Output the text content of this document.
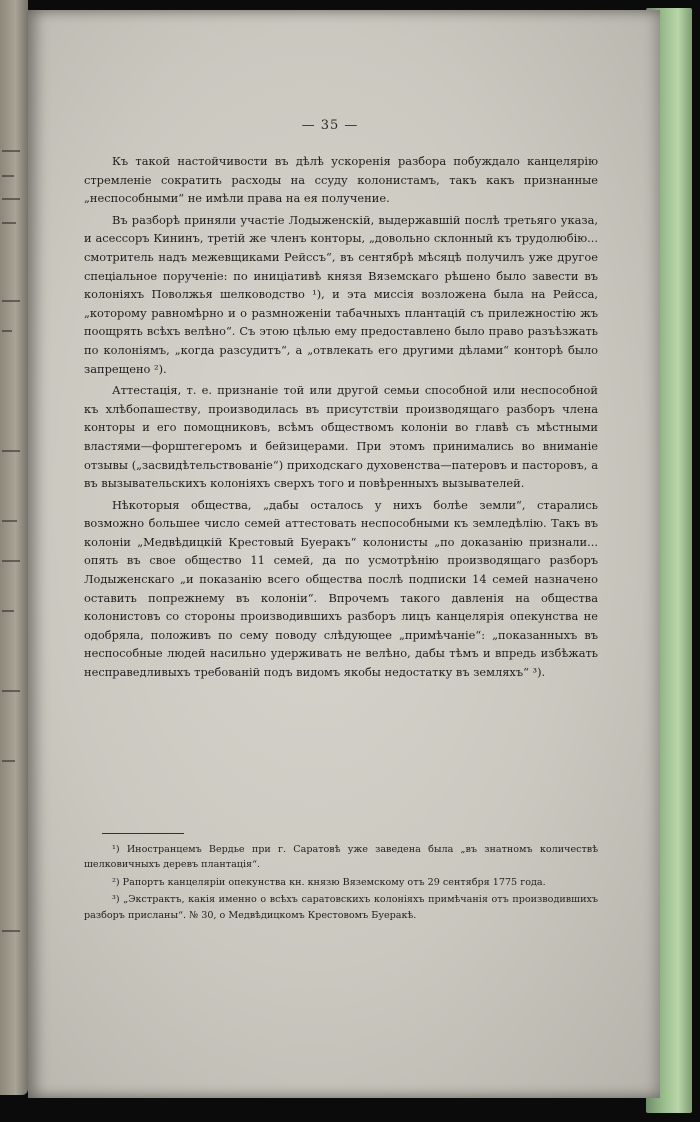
— 35 —

Къ такой настойчивости въ дѣлѣ ускоренія разбора побуждало канцелярію стремленіе сократить расходы на ссуду колонистамъ, такъ какъ признанные „неспособными“ не имѣли права на ея получение.

Въ разборѣ приняли участіе Лодыженскій, выдержавшій послѣ третьяго указа, и асессоръ Кининъ, третій же членъ конторы, „довольно склонный къ трудолюбію... смотритель надъ межевщиками Рейссъ“, въ сентябрѣ мѣсяцѣ получилъ уже другое спеціальное порученіе: по иниціативѣ князя Вяземскаго рѣшено было завести въ колоніяхъ Поволжья шелководство ¹), и эта миссія возложена была на Рейсса, „которому равномѣрно и о размноженіи табачныхъ плантацій съ прилежностію жъ поощрять всѣхъ велѣно“. Съ этою цѣлью ему предоставлено было право разъѣзжать по колоніямъ, „когда разсудитъ“, а „отвлекать его другими дѣлами“ конторѣ было запрещено ²).

Аттестація, т. е. признаніе той или другой семьи способной или неспособной къ хлѣбопашеству, производилась въ присутствіи производящаго разборъ члена конторы и его помощниковъ, всѣмъ обществомъ колоніи во главѣ съ мѣстными властями—форштегеромъ и бейзицерами. При этомъ принимались во вниманіе отзывы („засвидѣтельствованіе“) приходскаго духовенства—патеровъ и пасторовъ, а въ вызывательскихъ колоніяхъ сверхъ того и повѣренныхъ вызывателей.

Нѣкоторыя общества, „дабы осталось у нихъ болѣе земли“, старались возможно большее число семей аттестовать неспособными къ земледѣлію. Такъ въ колоніи „Медвѣдицкій Крестовый Буеракъ“ колонисты „по доказанію признали... опять въ свое общество 11 семей, да по усмотрѣнію производящаго разборъ Лодыженскаго „и показанію всего общества послѣ подписки 14 семей назначено оставить попрежнему въ колоніи“. Впрочемъ такого давленія на общества колонистовъ со стороны производившихъ разборъ лицъ канцелярія опекунства не одобряла, положивъ по сему поводу слѣдующее „примѣчаніе“: „показанныхъ въ неспособные людей насильно удерживать не велѣно, дабы тѣмъ и впредь избѣжать несправедливыхъ требованій подъ видомъ якобы недостатку въ земляхъ“ ³).

¹) Иностранцемъ Вердье при г. Саратовѣ уже заведена была „въ знатномъ количествѣ шелковичныхъ деревъ плантація“.

²) Рапортъ канцеляріи опекунства кн. князю Вяземскому отъ 29 сентября 1775 года.

³) „Экстрактъ, какія именно о всѣхъ саратовскихъ колоніяхъ примѣчанія отъ производившихъ разборъ присланы“. № 30, о Медвѣдицкомъ Крестовомъ Буеракѣ.
